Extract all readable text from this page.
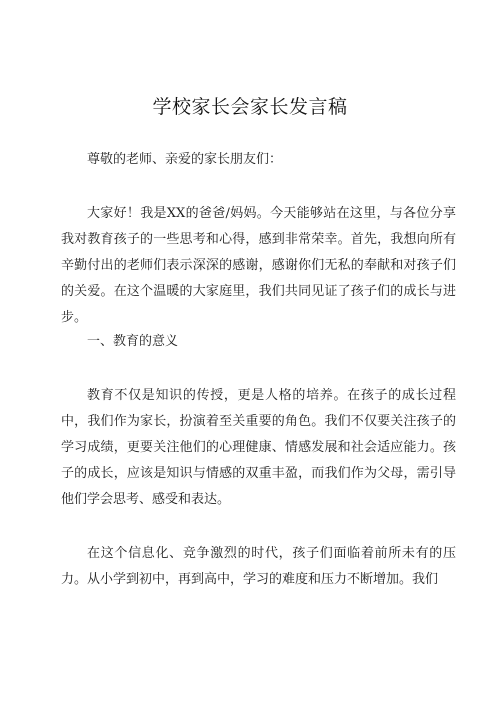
学校家长会家长发言稿

尊敬的老师、亲爱的家长朋友们：

大家好！我是XX的爸爸/妈妈。今天能够站在这里，与各位分享我对教育孩子的一些思考和心得，感到非常荣幸。首先，我想向所有辛勤付出的老师们表示深深的感谢，感谢你们无私的奉献和对孩子们的关爱。在这个温暖的大家庭里，我们共同见证了孩子们的成长与进步。

一、教育的意义

教育不仅是知识的传授，更是人格的培养。在孩子的成长过程中，我们作为家长，扮演着至关重要的角色。我们不仅要关注孩子的学习成绩，更要关注他们的心理健康、情感发展和社会适应能力。孩子的成长，应该是知识与情感的双重丰盈，而我们作为父母，需引导他们学会思考、感受和表达。

在这个信息化、竞争激烈的时代，孩子们面临着前所未有的压力。从小学到初中，再到高中，学习的难度和压力不断增加。我们
